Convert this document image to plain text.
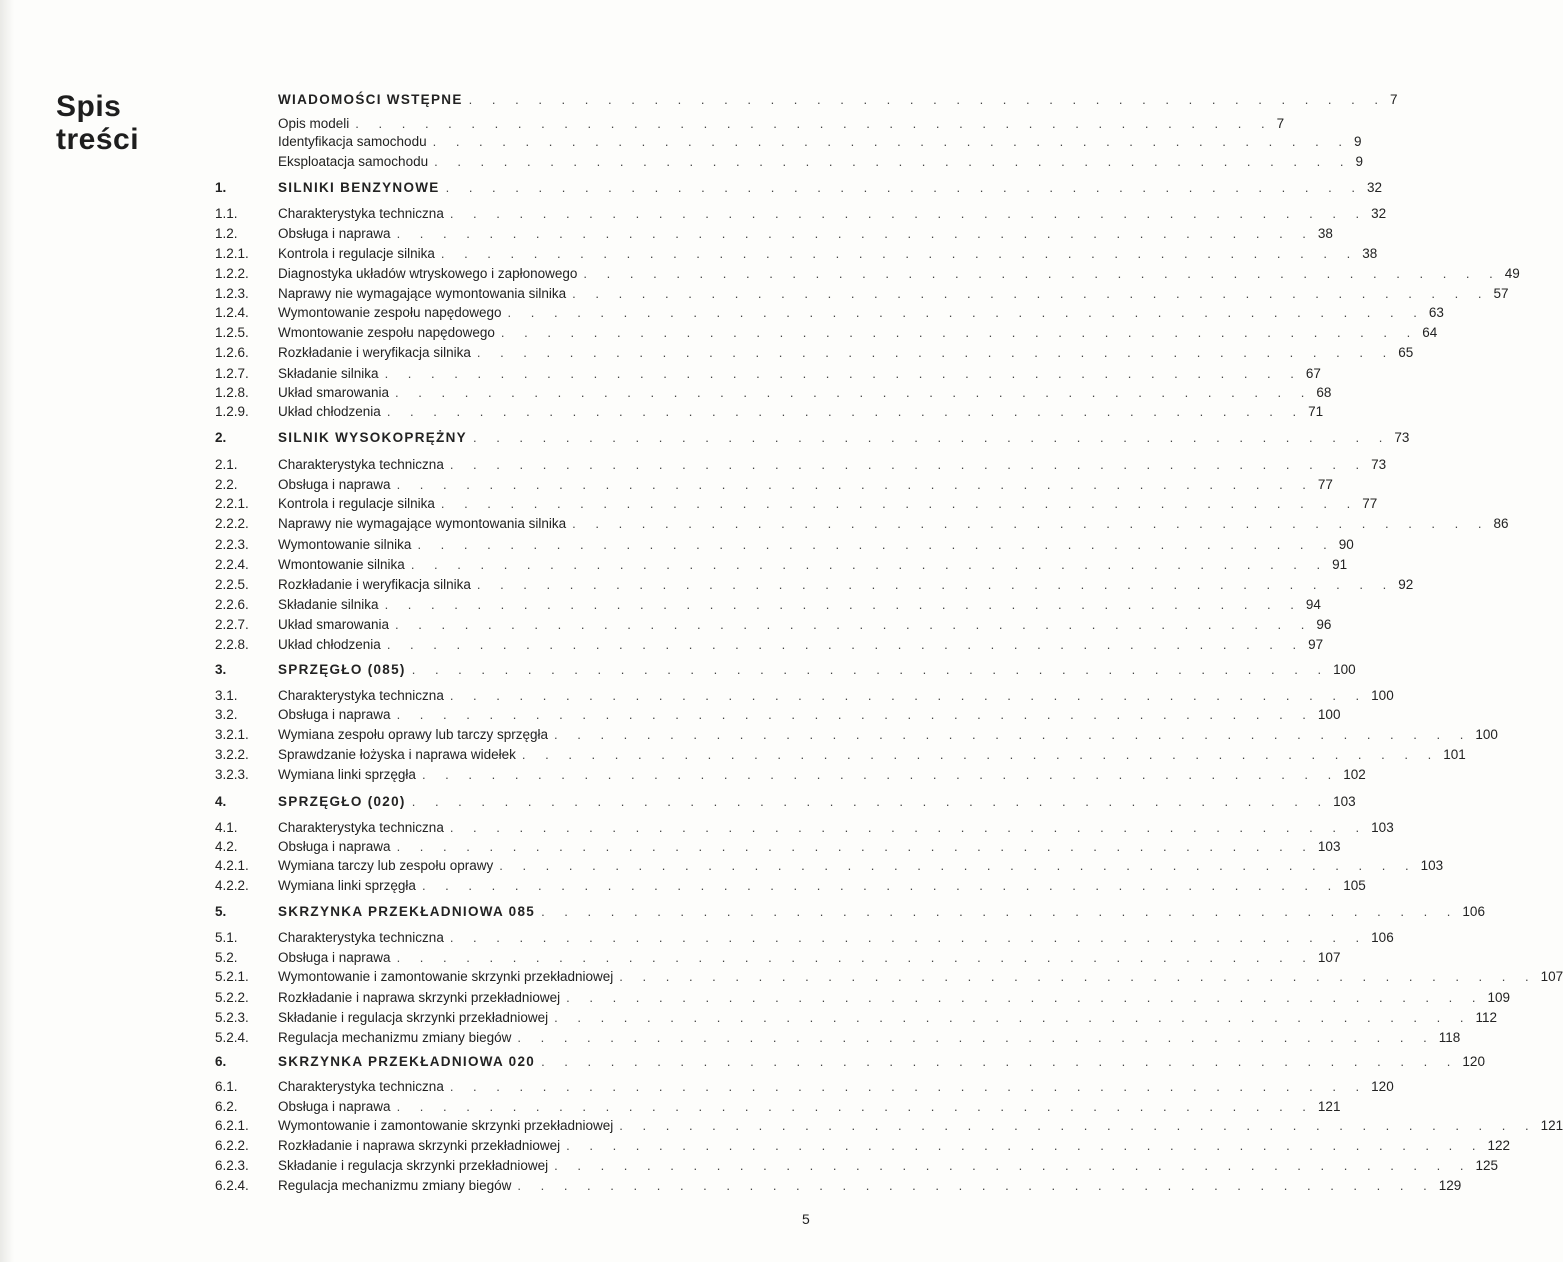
Spis
treści
WIADOMOŚCI WSTĘPNE . . . . . . . . . . . . . . . . . . . . . . . . . . . . . . . . . . . . . . . . 7
Opis modeli . . . . . . . . . . . . . . . . . . . . . . . . . . . . . . . . . . . . . . . . 7
Identyfikacja samochodu . . . . . . . . . . . . . . . . . . . . . . . . . . . . . . . . . . . . . . . . 9
Eksploatacja samochodu . . . . . . . . . . . . . . . . . . . . . . . . . . . . . . . . . . . . . . . . 9
1.	SILNIKI BENZYNOWE . . . . . . . . . . . . . . . . . . . . . . . . . . . . . . . . . . . . . . . . 32
1.1.	Charakterystyka techniczna . . . . . . . . . . . . . . . . . . . . . . . . . . . . . . . . . . . . . . . . 32
1.2.	Obsługa i naprawa . . . . . . . . . . . . . . . . . . . . . . . . . . . . . . . . . . . . . . . . 38
1.2.1. Kontrola i regulacje silnika . . . . . . . . . . . . . . . . . . . . . . . . . . . . . . . . . . . . . . . . 38
1.2.2. Diagnostyka układów wtryskowego i zapłonowego . . . . . . . . . . . . . . . . . . . . . . . . . . . . . . . . . . . . . . . . 49
1.2.3. Naprawy nie wymagające wymontowania silnika . . . . . . . . . . . . . . . . . . . . . . . . . . . . . . . . . . . . . . . . 57
1.2.4. Wymontowanie zespołu napędowego . . . . . . . . . . . . . . . . . . . . . . . . . . . . . . . . . . . . . . . . 63
1.2.5. Wmontowanie zespołu napędowego . . . . . . . . . . . . . . . . . . . . . . . . . . . . . . . . . . . . . . . . 64
1.2.6. Rozkładanie i weryfikacja silnika . . . . . . . . . . . . . . . . . . . . . . . . . . . . . . . . . . . . . . . . 65
1.2.7. Składanie silnika . . . . . . . . . . . . . . . . . . . . . . . . . . . . . . . . . . . . . . . . 67
1.2.8. Układ smarowania . . . . . . . . . . . . . . . . . . . . . . . . . . . . . . . . . . . . . . . . 68
1.2.9. Układ chłodzenia . . . . . . . . . . . . . . . . . . . . . . . . . . . . . . . . . . . . . . . . 71
2.	SILNIK WYSOKOPRĘŻNY . . . . . . . . . . . . . . . . . . . . . . . . . . . . . . . . . . . . . . . . 73
2.1.	Charakterystyka techniczna . . . . . . . . . . . . . . . . . . . . . . . . . . . . . . . . . . . . . . . . 73
2.2.	Obsługa i naprawa . . . . . . . . . . . . . . . . . . . . . . . . . . . . . . . . . . . . . . . . 77
2.2.1. Kontrola i regulacje silnika . . . . . . . . . . . . . . . . . . . . . . . . . . . . . . . . . . . . . . . . 77
2.2.2. Naprawy nie wymagające wymontowania silnika . . . . . . . . . . . . . . . . . . . . . . . . . . . . . . . . . . . . . . . . 86
2.2.3. Wymontowanie silnika . . . . . . . . . . . . . . . . . . . . . . . . . . . . . . . . . . . . . . . . 90
2.2.4. Wmontowanie silnika . . . . . . . . . . . . . . . . . . . . . . . . . . . . . . . . . . . . . . . . 91
2.2.5. Rozkładanie i weryfikacja silnika . . . . . . . . . . . . . . . . . . . . . . . . . . . . . . . . . . . . . . . . 92
2.2.6. Składanie silnika . . . . . . . . . . . . . . . . . . . . . . . . . . . . . . . . . . . . . . . . 94
2.2.7. Układ smarowania . . . . . . . . . . . . . . . . . . . . . . . . . . . . . . . . . . . . . . . . 96
2.2.8. Układ chłodzenia . . . . . . . . . . . . . . . . . . . . . . . . . . . . . . . . . . . . . . . . 97
3.	SPRZĘGŁO (085) . . . . . . . . . . . . . . . . . . . . . . . . . . . . . . . . . . . . . . . . 100
3.1.	Charakterystyka techniczna . . . . . . . . . . . . . . . . . . . . . . . . . . . . . . . . . . . . . . . . 100
3.2.	Obsługa i naprawa . . . . . . . . . . . . . . . . . . . . . . . . . . . . . . . . . . . . . . . . 100
3.2.1. Wymiana zespołu oprawy lub tarczy sprzęgła . . . . . . . . . . . . . . . . . . . . . . . . . . . . . . . . . . . . . . . . 100
3.2.2. Sprawdzanie łożyska i naprawa widełek . . . . . . . . . . . . . . . . . . . . . . . . . . . . . . . . . . . . . . . . 101
3.2.3. Wymiana linki sprzęgła . . . . . . . . . . . . . . . . . . . . . . . . . . . . . . . . . . . . . . . . 102
4.	SPRZĘGŁO (020) . . . . . . . . . . . . . . . . . . . . . . . . . . . . . . . . . . . . . . . . 103
4.1.	Charakterystyka techniczna . . . . . . . . . . . . . . . . . . . . . . . . . . . . . . . . . . . . . . . . 103
4.2.	Obsługa i naprawa . . . . . . . . . . . . . . . . . . . . . . . . . . . . . . . . . . . . . . . . 103
4.2.1. Wymiana tarczy lub zespołu oprawy . . . . . . . . . . . . . . . . . . . . . . . . . . . . . . . . . . . . . . . . 103
4.2.2. Wymiana linki sprzęgła . . . . . . . . . . . . . . . . . . . . . . . . . . . . . . . . . . . . . . . . 105
5.	SKRZYNKA PRZEKŁADNIOWA 085 . . . . . . . . . . . . . . . . . . . . . . . . . . . . . . . . . . . . . . . . 106
5.1.	Charakterystyka techniczna . . . . . . . . . . . . . . . . . . . . . . . . . . . . . . . . . . . . . . . . 106
5.2.	Obsługa i naprawa . . . . . . . . . . . . . . . . . . . . . . . . . . . . . . . . . . . . . . . . 107
5.2.1. Wymontowanie i zamontowanie skrzynki przekładniowej . . . . . . . . . . . . . . . . . . . . . . . . . . . . . . . . . . . . . . . . 107
5.2.2. Rozkładanie i naprawa skrzynki przekładniowej . . . . . . . . . . . . . . . . . . . . . . . . . . . . . . . . . . . . . . . . 109
5.2.3. Składanie i regulacja skrzynki przekładniowej . . . . . . . . . . . . . . . . . . . . . . . . . . . . . . . . . . . . . . . . 112
5.2.4. Regulacja mechanizmu zmiany biegów . . . . . . . . . . . . . . . . . . . . . . . . . . . . . . . . . . . . . . . . 118
6.	SKRZYNKA PRZEKŁADNIOWA 020 . . . . . . . . . . . . . . . . . . . . . . . . . . . . . . . . . . . . . . . . 120
6.1.	Charakterystyka techniczna . . . . . . . . . . . . . . . . . . . . . . . . . . . . . . . . . . . . . . . . 120
6.2.	Obsługa i naprawa . . . . . . . . . . . . . . . . . . . . . . . . . . . . . . . . . . . . . . . . 121
6.2.1. Wymontowanie i zamontowanie skrzynki przekładniowej . . . . . . . . . . . . . . . . . . . . . . . . . . . . . . . . . . . . . . . . 121
6.2.2. Rozkładanie i naprawa skrzynki przekładniowej . . . . . . . . . . . . . . . . . . . . . . . . . . . . . . . . . . . . . . . . 122
6.2.3. Składanie i regulacja skrzynki przekładniowej . . . . . . . . . . . . . . . . . . . . . . . . . . . . . . . . . . . . . . . . 125
6.2.4. Regulacja mechanizmu zmiany biegów . . . . . . . . . . . . . . . . . . . . . . . . . . . . . . . . . . . . . . . . 129
5
